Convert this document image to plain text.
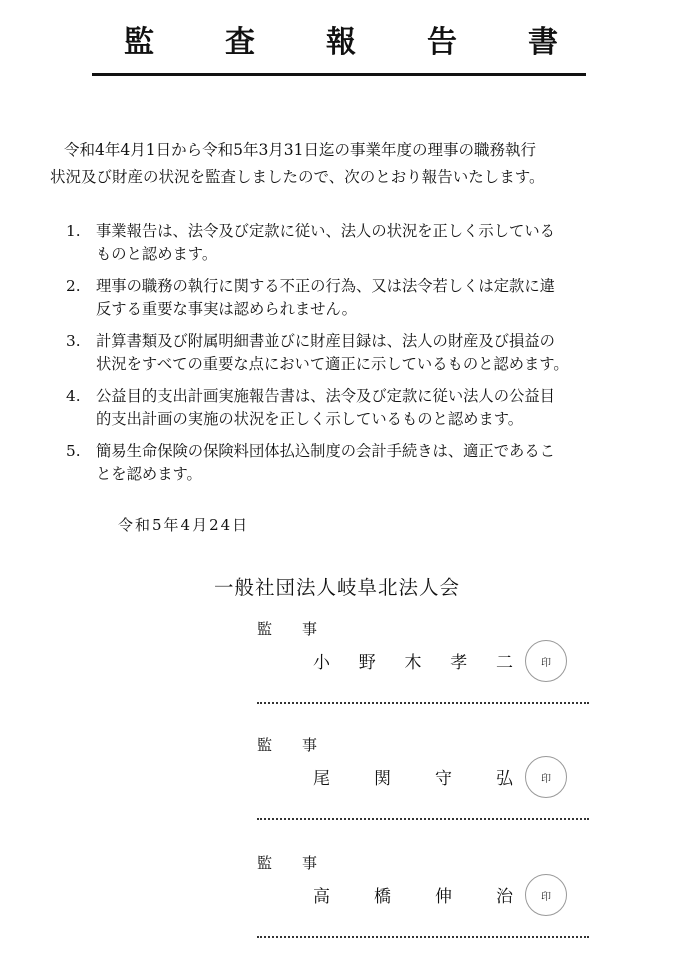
監 査 報 告 書
令和4年4月1日から令和5年3月31日迄の事業年度の理事の職務執行
状況及び財産の状況を監査しましたので、次のとおり報告いたします。
1.	事業報告は、法令及び定款に従い、法人の状況を正しく示している
ものと認めます。
2.	理事の職務の執行に関する不正の行為、又は法令若しくは定款に違
反する重要な事実は認められません。
3.	計算書類及び附属明細書並びに財産目録は、法人の財産及び損益の
状況をすべての重要な点において適正に示しているものと認めます。
4.	公益目的支出計画実施報告書は、法令及び定款に従い法人の公益目
的支出計画の実施の状況を正しく示しているものと認めます。
5.	簡易生命保険の保険料団体払込制度の会計手続きは、適正であるこ
とを認めます。
令和5年4月24日
一般社団法人岐阜北法人会
監 事
小 野 木 孝 二	印
監 事
尾	関	守	弘	印
監 事
高	橋	伸	治	印
